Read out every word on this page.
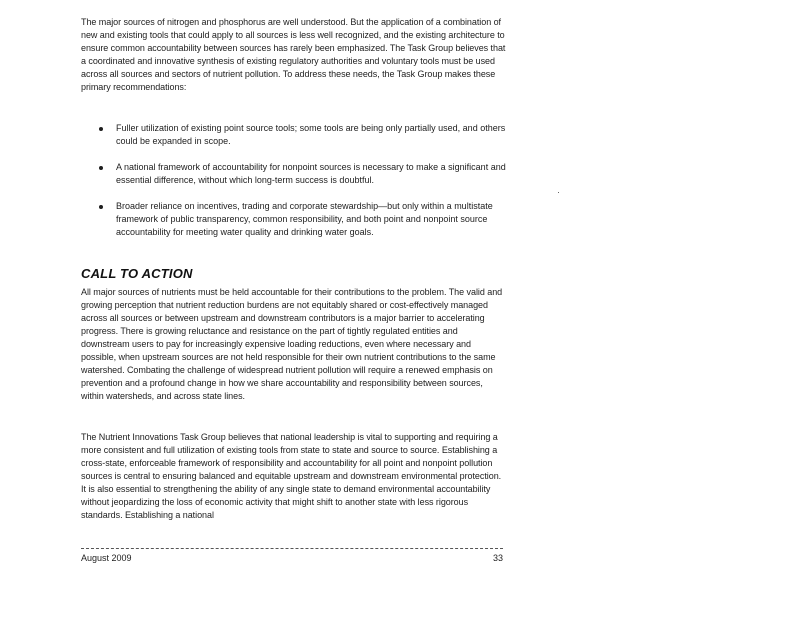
The major sources of nitrogen and phosphorus are well understood. But the application of a combination of new and existing tools that could apply to all sources is less well recognized, and the existing architecture to ensure common accountability between sources has rarely been emphasized. The Task Group believes that a coordinated and innovative synthesis of existing regulatory authorities and voluntary tools must be used across all sources and sectors of nutrient pollution. To address these needs, the Task Group makes these primary recommendations:

Fuller utilization of existing point source tools; some tools are being only partially used, and others could be expanded in scope.
A national framework of accountability for nonpoint sources is necessary to make a significant and essential difference, without which long-term success is doubtful.
Broader reliance on incentives, trading and corporate stewardship—but only within a multistate framework of public transparency, common responsibility, and both point and nonpoint source accountability for meeting water quality and drinking water goals.
CALL TO ACTION

All major sources of nutrients must be held accountable for their contributions to the problem. The valid and growing perception that nutrient reduction burdens are not equitably shared or cost-effectively managed across all sources or between upstream and downstream contributors is a major barrier to accelerating progress. There is growing reluctance and resistance on the part of tightly regulated entities and downstream users to pay for increasingly expensive loading reductions, even where necessary and possible, when upstream sources are not held responsible for their own nutrient contributions to the same watershed. Combating the challenge of widespread nutrient pollution will require a renewed emphasis on prevention and a profound change in how we share accountability and responsibility between sources, within watersheds, and across state lines.

The Nutrient Innovations Task Group believes that national leadership is vital to supporting and requiring a more consistent and full utilization of existing tools from state to state and source to source. Establishing a cross-state, enforceable framework of responsibility and accountability for all point and nonpoint pollution sources is central to ensuring balanced and equitable upstream and downstream environmental protection. It is also essential to strengthening the ability of any single state to demand environmental accountability without jeopardizing the loss of economic activity that might shift to another state with less rigorous standards. Establishing a national

August 2009	33
